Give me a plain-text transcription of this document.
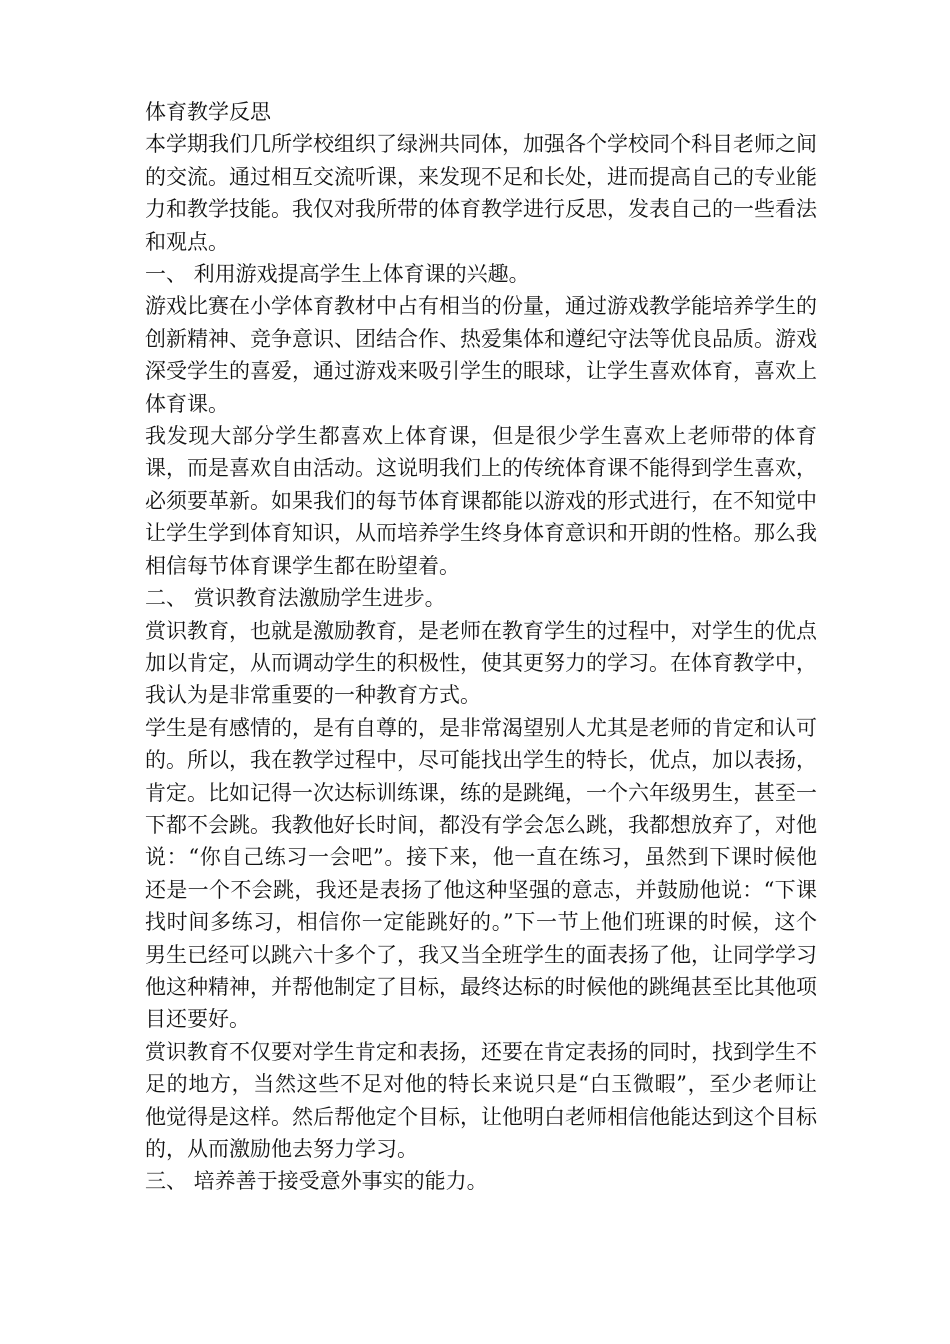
体育教学反思

本学期我们几所学校组织了绿洲共同体，加强各个学校同个科目老师之间的交流。通过相互交流听课，来发现不足和长处，进而提高自己的专业能力和教学技能。我仅对我所带的体育教学进行反思，发表自己的一些看法和观点。

一、 利用游戏提高学生上体育课的兴趣。

游戏比赛在小学体育教材中占有相当的份量，通过游戏教学能培养学生的创新精神、竞争意识、团结合作、热爱集体和遵纪守法等优良品质。游戏深受学生的喜爱，通过游戏来吸引学生的眼球，让学生喜欢体育，喜欢上体育课。

我发现大部分学生都喜欢上体育课，但是很少学生喜欢上老师带的体育课，而是喜欢自由活动。这说明我们上的传统体育课不能得到学生喜欢，必须要革新。如果我们的每节体育课都能以游戏的形式进行，在不知觉中让学生学到体育知识，从而培养学生终身体育意识和开朗的性格。那么我相信每节体育课学生都在盼望着。

二、 赏识教育法激励学生进步。

赏识教育，也就是激励教育，是老师在教育学生的过程中，对学生的优点加以肯定，从而调动学生的积极性，使其更努力的学习。在体育教学中，我认为是非常重要的一种教育方式。

学生是有感情的，是有自尊的，是非常渴望别人尤其是老师的肯定和认可的。所以，我在教学过程中，尽可能找出学生的特长，优点，加以表扬，肯定。比如记得一次达标训练课，练的是跳绳，一个六年级男生，甚至一下都不会跳。我教他好长时间，都没有学会怎么跳，我都想放弃了，对他说：“你自己练习一会吧”。接下来，他一直在练习，虽然到下课时候他还是一个不会跳，我还是表扬了他这种坚强的意志，并鼓励他说：“下课找时间多练习，相信你一定能跳好的。”下一节上他们班课的时候，这个男生已经可以跳六十多个了，我又当全班学生的面表扬了他，让同学学习他这种精神，并帮他制定了目标，最终达标的时候他的跳绳甚至比其他项目还要好。

赏识教育不仅要对学生肯定和表扬，还要在肯定表扬的同时，找到学生不足的地方，当然这些不足对他的特长来说只是“白玉微暇”，至少老师让他觉得是这样。然后帮他定个目标，让他明白老师相信他能达到这个目标的，从而激励他去努力学习。

三、 培养善于接受意外事实的能力。
